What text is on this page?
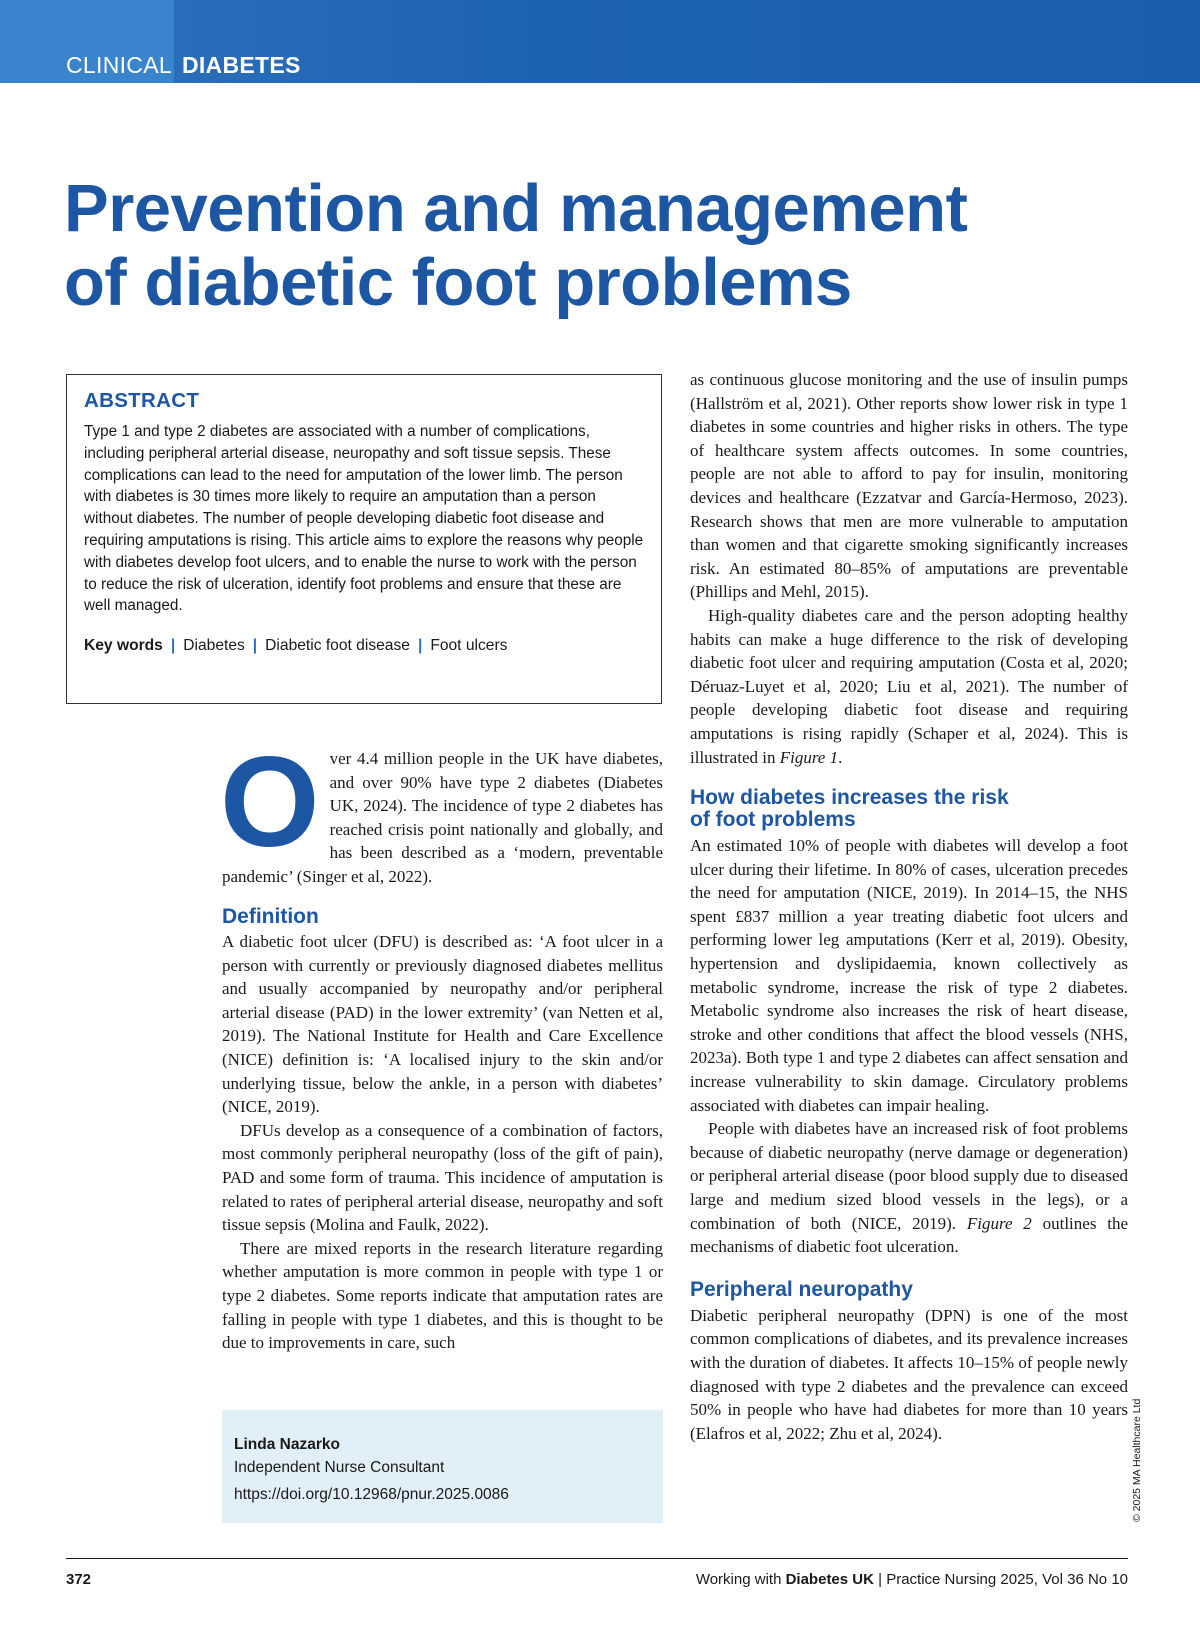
CLINICAL DIABETES
Prevention and management
of diabetic foot problems
ABSTRACT

Type 1 and type 2 diabetes are associated with a number of complications, including peripheral arterial disease, neuropathy and soft tissue sepsis. These complications can lead to the need for amputation of the lower limb. The person with diabetes is 30 times more likely to require an amputation than a person without diabetes. The number of people developing diabetic foot disease and requiring amputations is rising. This article aims to explore the reasons why people with diabetes develop foot ulcers, and to enable the nurse to work with the person to reduce the risk of ulceration, identify foot problems and ensure that these are well managed.

Key words | Diabetes | Diabetic foot disease | Foot ulcers
Over 4.4 million people in the UK have diabetes, and over 90% have type 2 diabetes (Diabetes UK, 2024). The incidence of type 2 diabetes has reached crisis point nationally and globally, and has been described as a ‘modern, preventable pandemic’ (Singer et al, 2022).
Definition

A diabetic foot ulcer (DFU) is described as: ‘A foot ulcer in a person with currently or previously diagnosed diabetes mellitus and usually accompanied by neuropathy and/or peripheral arterial disease (PAD) in the lower extremity’ (van Netten et al, 2019). The National Institute for Health and Care Excellence (NICE) definition is: ‘A localised injury to the skin and/or underlying tissue, below the ankle, in a person with diabetes’ (NICE, 2019).

DFUs develop as a consequence of a combination of factors, most commonly peripheral neuropathy (loss of the gift of pain), PAD and some form of trauma. This incidence of amputation is related to rates of peripheral arterial disease, neuropathy and soft tissue sepsis (Molina and Faulk, 2022).

There are mixed reports in the research literature regarding whether amputation is more common in people with type 1 or type 2 diabetes. Some reports indicate that amputation rates are falling in people with type 1 diabetes, and this is thought to be due to improvements in care, such

Linda Nazarko
Independent Nurse Consultant
https://doi.org/10.12968/pnur.2025.0086

as continuous glucose monitoring and the use of insulin pumps (Hallström et al, 2021). Other reports show lower risk in type 1 diabetes in some countries and higher risks in others. The type of healthcare system affects outcomes. In some countries, people are not able to afford to pay for insulin, monitoring devices and healthcare (Ezzatvar and García-Hermoso, 2023). Research shows that men are more vulnerable to amputation than women and that cigarette smoking significantly increases risk. An estimated 80–85% of amputations are preventable (Phillips and Mehl, 2015).

High-quality diabetes care and the person adopting healthy habits can make a huge difference to the risk of developing diabetic foot ulcer and requiring amputation (Costa et al, 2020; Déruaz-Luyet et al, 2020; Liu et al, 2021). The number of people developing diabetic foot disease and requiring amputations is rising rapidly (Schaper et al, 2024). This is illustrated in Figure 1.

How diabetes increases the risk
of foot problems

An estimated 10% of people with diabetes will develop a foot ulcer during their lifetime. In 80% of cases, ulceration precedes the need for amputation (NICE, 2019). In 2014–15, the NHS spent £837 million a year treating diabetic foot ulcers and performing lower leg amputations (Kerr et al, 2019). Obesity, hypertension and dyslipidaemia, known collectively as metabolic syndrome, increase the risk of type 2 diabetes. Metabolic syndrome also increases the risk of heart disease, stroke and other conditions that affect the blood vessels (NHS, 2023a). Both type 1 and type 2 diabetes can affect sensation and increase vulnerability to skin damage. Circulatory problems associated with diabetes can impair healing.

People with diabetes have an increased risk of foot problems because of diabetic neuropathy (nerve damage or degeneration) or peripheral arterial disease (poor blood supply due to diseased large and medium sized blood vessels in the legs), or a combination of both (NICE, 2019). Figure 2 outlines the mechanisms of diabetic foot ulceration.

Peripheral neuropathy

Diabetic peripheral neuropathy (DPN) is one of the most common complications of diabetes, and its prevalence increases with the duration of diabetes. It affects 10–15% of people newly diagnosed with type 2 diabetes and the prevalence can exceed 50% in people who have had diabetes for more than 10 years (Elafros et al, 2022; Zhu et al, 2024).	© 2025 MA Healthcare Ltd
372	Working with Diabetes UK | Practice Nursing 2025, Vol 36 No 10
